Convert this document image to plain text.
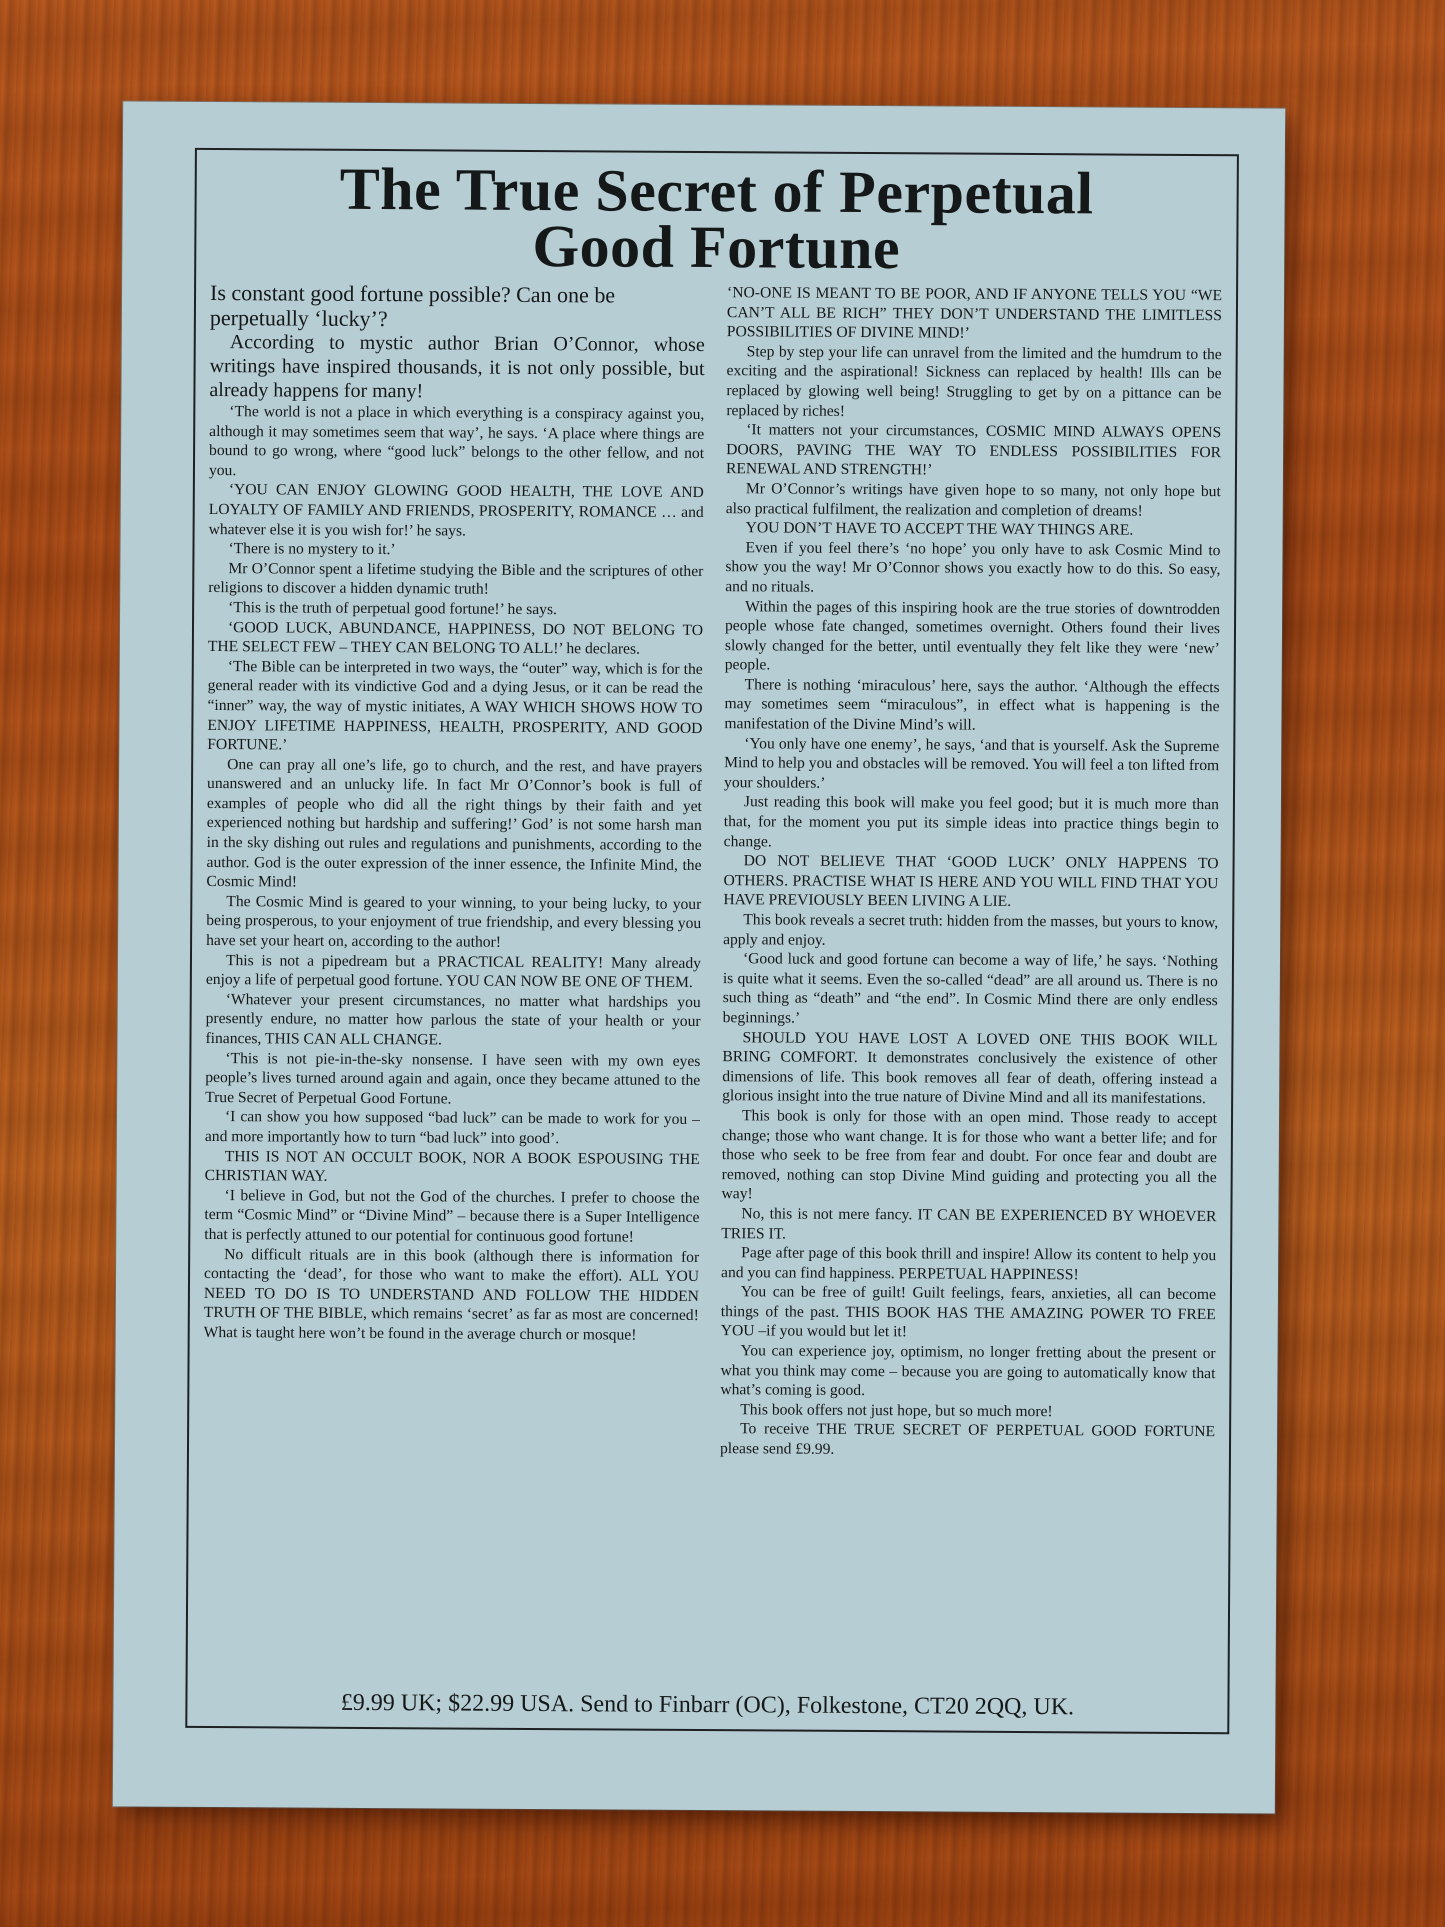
The True Secret of Perpetual
Good Fortune

Is constant good fortune possible? Can one be perpetually ‘lucky’?

According to mystic author Brian O’Connor, whose writings have inspired thousands, it is not only possible, but already happens for many!

‘The world is not a place in which everything is a conspiracy against you, although it may sometimes seem that way’, he says. ‘A place where things are bound to go wrong, where “good luck” belongs to the other fellow, and not you.

‘YOU CAN ENJOY GLOWING GOOD HEALTH, THE LOVE AND LOYALTY OF FAMILY AND FRIENDS, PROSPERITY, ROMANCE … and whatever else it is you wish for!’ he says.

‘There is no mystery to it.’

Mr O’Connor spent a lifetime studying the Bible and the scriptures of other religions to discover a hidden dynamic truth!

‘This is the truth of perpetual good fortune!’ he says.

‘GOOD LUCK, ABUNDANCE, HAPPINESS, DO NOT BELONG TO THE SELECT FEW – THEY CAN BELONG TO ALL!’ he declares.

‘The Bible can be interpreted in two ways, the “outer” way, which is for the general reader with its vindictive God and a dying Jesus, or it can be read the “inner” way, the way of mystic initiates, A WAY WHICH SHOWS HOW TO ENJOY LIFETIME HAPPINESS, HEALTH, PROSPERITY, AND GOOD FORTUNE.’

One can pray all one’s life, go to church, and the rest, and have prayers unanswered and an unlucky life. In fact Mr O’Connor’s book is full of examples of people who did all the right things by their faith and yet experienced nothing but hardship and suffering!’ God’ is not some harsh man in the sky dishing out rules and regulations and punishments, according to the author. God is the outer expression of the inner essence, the Infinite Mind, the Cosmic Mind!

The Cosmic Mind is geared to your winning, to your being lucky, to your being prosperous, to your enjoyment of true friendship, and every blessing you have set your heart on, according to the author!

This is not a pipedream but a PRACTICAL REALITY! Many already enjoy a life of perpetual good fortune. YOU CAN NOW BE ONE OF THEM.

‘Whatever your present circumstances, no matter what hardships you presently endure, no matter how parlous the state of your health or your finances, THIS CAN ALL CHANGE.

‘This is not pie-in-the-sky nonsense. I have seen with my own eyes people’s lives turned around again and again, once they became attuned to the True Secret of Perpetual Good Fortune.

‘I can show you how supposed “bad luck” can be made to work for you – and more importantly how to turn “bad luck” into good’.

THIS IS NOT AN OCCULT BOOK, NOR A BOOK ESPOUSING THE CHRISTIAN WAY.

‘I believe in God, but not the God of the churches. I prefer to choose the term “Cosmic Mind” or “Divine Mind” – because there is a Super Intelligence that is perfectly attuned to our potential for continuous good fortune!

No difficult rituals are in this book (although there is information for contacting the ‘dead’, for those who want to make the effort). ALL YOU NEED TO DO IS TO UNDERSTAND AND FOLLOW THE HIDDEN TRUTH OF THE BIBLE, which remains ‘secret’ as far as most are concerned! What is taught here won’t be found in the average church or mosque!

‘NO-ONE IS MEANT TO BE POOR, AND IF ANYONE TELLS YOU “WE CAN’T ALL BE RICH” THEY DON’T UNDERSTAND THE LIMITLESS POSSIBILITIES OF DIVINE MIND!’

Step by step your life can unravel from the limited and the humdrum to the exciting and the aspirational! Sickness can replaced by health! Ills can be replaced by glowing well being! Struggling to get by on a pittance can be replaced by riches!

‘It matters not your circumstances, COSMIC MIND ALWAYS OPENS DOORS, PAVING THE WAY TO ENDLESS POSSIBILITIES FOR RENEWAL AND STRENGTH!’

Mr O’Connor’s writings have given hope to so many, not only hope but also practical fulfilment, the realization and completion of dreams!

YOU DON’T HAVE TO ACCEPT THE WAY THINGS ARE.

Even if you feel there’s ‘no hope’ you only have to ask Cosmic Mind to show you the way! Mr O’Connor shows you exactly how to do this. So easy, and no rituals.

Within the pages of this inspiring hook are the true stories of downtrodden people whose fate changed, sometimes overnight. Others found their lives slowly changed for the better, until eventually they felt like they were ‘new’ people.

There is nothing ‘miraculous’ here, says the author. ‘Although the effects may sometimes seem “miraculous”, in effect what is happening is the manifestation of the Divine Mind’s will.

‘You only have one enemy’, he says, ‘and that is yourself. Ask the Supreme Mind to help you and obstacles will be removed. You will feel a ton lifted from your shoulders.’

Just reading this book will make you feel good; but it is much more than that, for the moment you put its simple ideas into practice things begin to change.

DO NOT BELIEVE THAT ‘GOOD LUCK’ ONLY HAPPENS TO OTHERS. PRACTISE WHAT IS HERE AND YOU WILL FIND THAT YOU HAVE PREVIOUSLY BEEN LIVING A LIE.

This book reveals a secret truth: hidden from the masses, but yours to know, apply and enjoy.

‘Good luck and good fortune can become a way of life,’ he says. ‘Nothing is quite what it seems. Even the so-called “dead” are all around us. There is no such thing as “death” and “the end”. In Cosmic Mind there are only endless beginnings.’

SHOULD YOU HAVE LOST A LOVED ONE THIS BOOK WILL BRING COMFORT. It demonstrates conclusively the existence of other dimensions of life. This book removes all fear of death, offering instead a glorious insight into the true nature of Divine Mind and all its manifestations.

This book is only for those with an open mind. Those ready to accept change; those who want change. It is for those who want a better life; and for those who seek to be free from fear and doubt. For once fear and doubt are removed, nothing can stop Divine Mind guiding and protecting you all the way!

No, this is not mere fancy. IT CAN BE EXPERIENCED BY WHOEVER TRIES IT.

Page after page of this book thrill and inspire! Allow its content to help you and you can find happiness. PERPETUAL HAPPINESS!

You can be free of guilt! Guilt feelings, fears, anxieties, all can become things of the past. THIS BOOK HAS THE AMAZING POWER TO FREE YOU –if you would but let it!

You can experience joy, optimism, no longer fretting about the present or what you think may come – because you are going to automatically know that what’s coming is good.

This book offers not just hope, but so much more!

To receive THE TRUE SECRET OF PERPETUAL GOOD FORTUNE please send £9.99.

£9.99 UK; $22.99 USA. Send to Finbarr (OC), Folkestone, CT20 2QQ, UK.
